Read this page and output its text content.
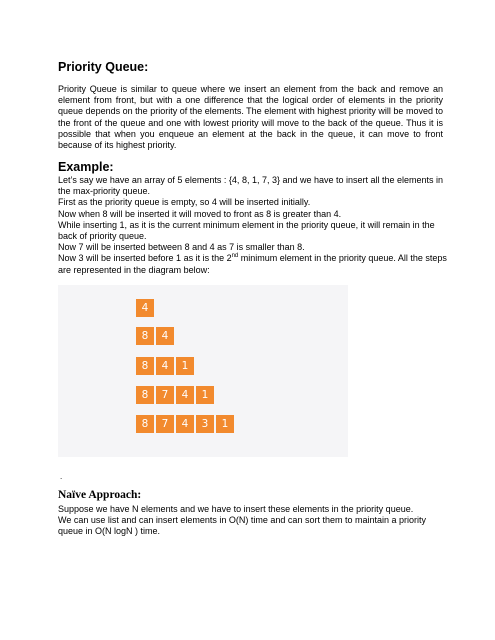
Priority Queue:

Priority Queue is similar to queue where we insert an element from the back and remove an element from front, but with a one difference that the logical order of elements in the priority queue depends on the priority of the elements. The element with highest priority will be moved to the front of the queue and one with lowest priority will move to the back of the queue. Thus it is possible that when you enqueue an element at the back in the queue, it can move to front because of its highest priority.

Example:

Let’s say we have an array of 5 elements : {4, 8, 1, 7, 3} and we have to insert all the elements in the max-priority queue.
First as the priority queue is empty, so 4 will be inserted initially.
Now when 8 will be inserted it will moved to front as 8 is greater than 4.
While inserting 1, as it is the current minimum element in the priority queue, it will remain in the back of priority queue.
Now 7 will be inserted between 8 and 4 as 7 is smaller than 8.
Now 3 will be inserted before 1 as it is the 2nd minimum element in the priority queue. All the steps are represented in the diagram below:

4
8	4
8	4	1
8	7	4	1
8	7	4	3	1

.

Naïve Approach:

Suppose we have N elements and we have to insert these elements in the priority queue. We can use list and can insert elements in O(N) time and can sort them to maintain a priority queue in O(N logN ) time.
